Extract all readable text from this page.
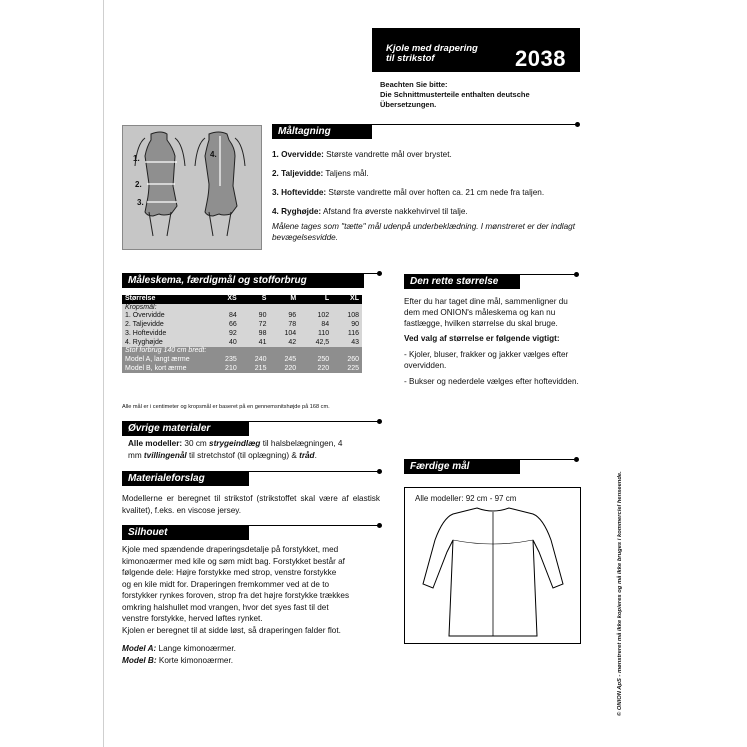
Kjole med drapering
til strikstof	2038
Beachten Sie bitte:
Die Schnittmusterteile enthalten deutsche
Übersetzungen.
1.
2.
3.
4.
Måltagning

1. Overvidde: Største vandrette mål over brystet.

2. Taljevidde: Taljens mål.

3. Hoftevidde: Største vandrette mål over hoften ca. 21 cm nede fra taljen.

4. Ryghøjde: Afstand fra øverste nakkehvirvel til talje.

Målene tages som "tætte" mål udenpå underbeklædning. I mønstreret er der indlagt bevægelsesvidde.

Måleskema, færdigmål og stofforbrug
Størrelse	XS	S	M	L	XL
Kropsmål:					
1. Overvidde	84	90	96	102	108
2. Taljevidde	66	72	78	84	90
3. Hoftevidde	92	98	104	110	116
4. Ryghøjde	40	41	42	42,5	43
Stof forbrug 140 cm bredt:					
Model A, langt ærme	235	240	245	250	260
Model B, kort ærme	210	215	220	220	225
Alle mål er i centimeter og kropsmål er baseret på en gennemsnitshøjde på 168 cm.
Øvrige materialer
Alle modeller: 30 cm strygeindlæg til halsbelægningen, 4
mm tvillingenål til stretchstof (til oplægning) & tråd.
Materialeforslag
Modellerne er beregnet til strikstof (strikstoffet skal være af elastisk kvalitet), f.eks. en viscose jersey.
Silhouet
Kjole med spændende draperingsdetalje på forstykket, med
kimonoærmer med kile og søm midt bag. Forstykket består af
følgende dele: Højre forstykke med strop, venstre forstykke
og en kile midt for. Draperingen fremkommer ved at de to
forstykker rynkes foroven, strop fra det højre forstykke trækkes
omkring halshullet mod vrangen, hvor det syes fast til det
venstre forstykke, herved løftes rynket.
Kjolen er beregnet til at sidde løst, så draperingen falder flot.
Model A: Lange kimonoærmer.
Model B: Korte kimonoærmer.
Den rette størrelse

Efter du har taget dine mål, sammenligner du dem med ONION's måleskema og kan nu fastlægge, hvilken størrelse du skal bruge.

Ved valg af størrelse er følgende vigtigt:

- Kjoler, bluser, frakker og jakker vælges efter overvidden.

- Bukser og nederdele vælges efter hoftevidden.

Færdige mål
Alle modeller: 92 cm - 97 cm	© ONION ApS - mønstreret må ikke kopieres og må ikke bruges i kommerciel henseende.
